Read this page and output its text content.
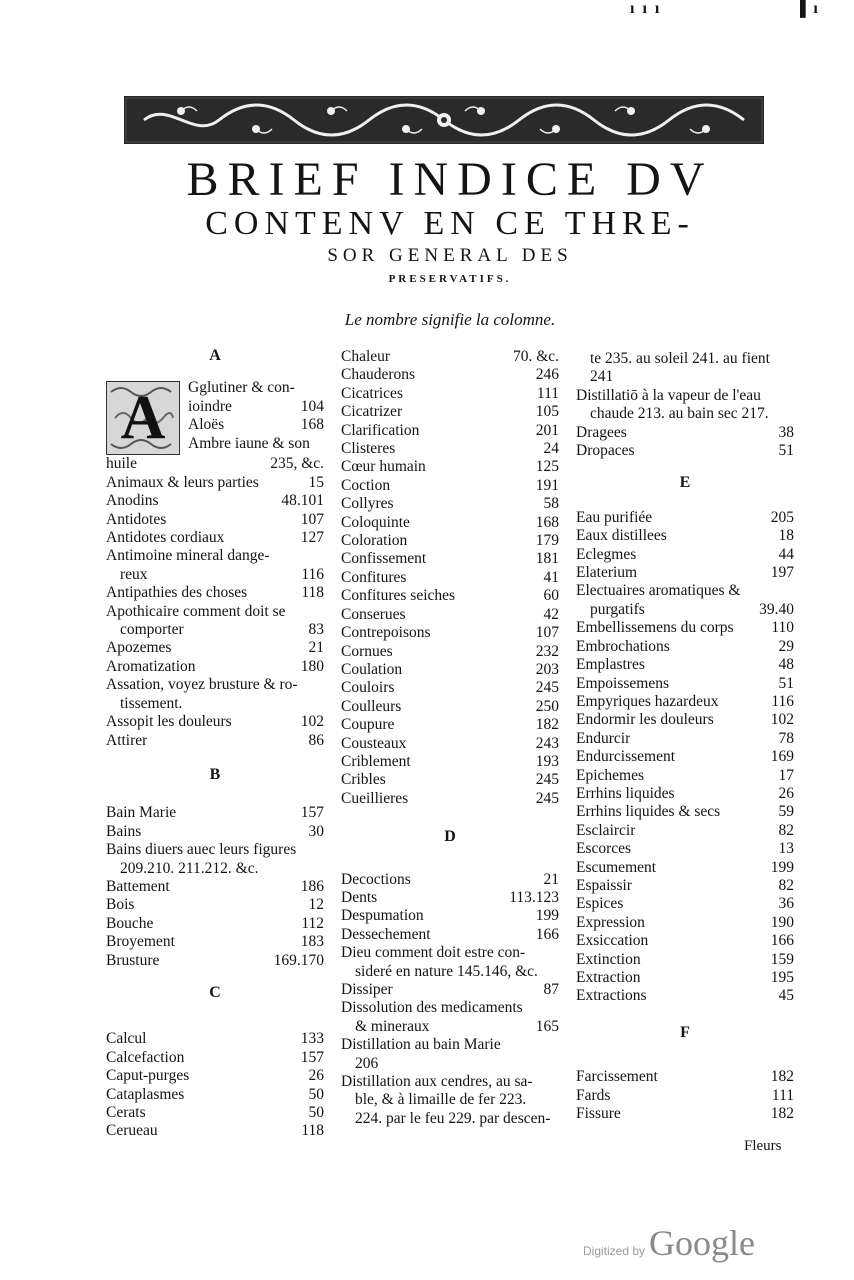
ı ı ı	▌ı
BRIEF INDICE DV
CONTENV EN CE THRE-
SOR GENERAL DES
PRESERVATIFS.
Le nombre signifie la colomne.
A
A	Gglutiner & con-
ioindre	104
Aloës	168
Ambre iaune & son
huile	235, &c.
Animaux & leurs parties	15
Anodins	48.101
Antidotes	107
Antidotes cordiaux	127
Antimoine mineral dange-
reux	116
Antipathies des choses	118
Apothicaire comment doit se
comporter	83
Apozemes	21
Aromatization	180
Assation, voyez brusture & ro-
tissement.
Assopit les douleurs	102
Attirer	86
B
Bain Marie	157
Bains	30
Bains diuers auec leurs figures
209.210. 211.212. &c.
Battement	186
Bois	12
Bouche	112
Broyement	183
Brusture	169.170
C
Calcul	133
Calcefaction	157
Caput-purges	26
Cataplasmes	50
Cerats	50
Cerueau	118
Chaleur	70. &c.
Chauderons	246
Cicatrices	111
Cicatrizer	105
Clarification	201
Clisteres	24
Cœur humain	125
Coction	191
Collyres	58
Coloquinte	168
Coloration	179
Confissement	181
Confitures	41
Confitures seiches	60
Conserues	42
Contrepoisons	107
Cornues	232
Coulation	203
Couloirs	245
Coulleurs	250
Coupure	182
Cousteaux	243
Criblement	193
Cribles	245
Cueillieres	245
D
Decoctions	21
Dents	113.123
Despumation	199
Dessechement	166
Dieu comment doit estre con-
sideré en nature 145.146, &c.
Dissiper	87
Dissolution des medicaments
& mineraux	165
Distillation au bain Marie
206
Distillation aux cendres, au sa-
ble, & à limaille de fer 223.
224. par le feu 229. par descen-
te 235. au soleil 241. au fient
241
Distillatiō à la vapeur de l'eau
chaude 213. au bain sec 217.
Dragees	38
Dropaces	51
E
Eau purifiée	205
Eaux distillees	18
Eclegmes	44
Elaterium	197
Electuaires aromatiques &
purgatifs	39.40
Embellissemens du corps	110
Embrochations	29
Emplastres	48
Empoissemens	51
Empyriques hazardeux	116
Endormir les douleurs	102
Endurcir	78
Endurcissement	169
Epichemes	17
Errhins liquides	26
Errhins liquides & secs	59
Esclaircir	82
Escorces	13
Escumement	199
Espaissir	82
Espices	36
Expression	190
Exsiccation	166
Extinction	159
Extraction	195
Extractions	45
F
Farcissement	182
Fards	111
Fissure	182
Fleurs
Digitized by Google
